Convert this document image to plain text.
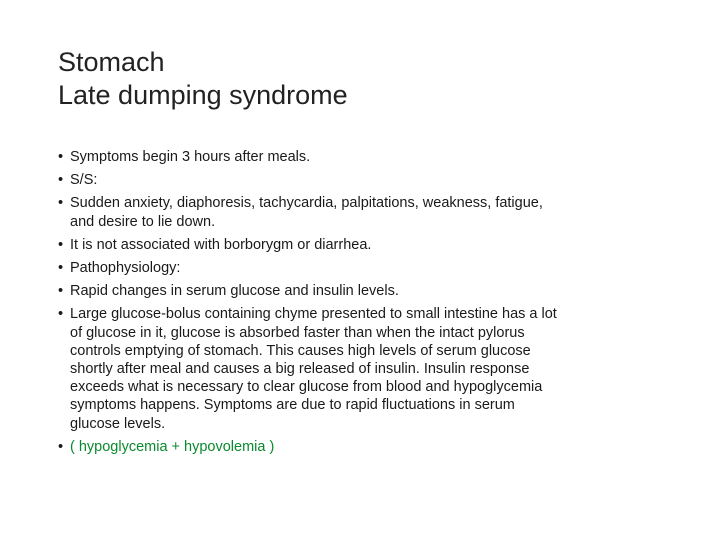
Stomach
Late dumping syndrome
• Symptoms begin 3 hours after meals.
• S/S:
• Sudden anxiety, diaphoresis, tachycardia, palpitations, weakness, fatigue,
and desire to lie down.
• It is not associated with borborygm or diarrhea.
• Pathophysiology:
• Rapid changes in serum glucose and insulin levels.
• Large glucose-bolus containing chyme presented to small intestine has a lot
of glucose in it, glucose is absorbed faster than when the intact pylorus
controls emptying of stomach. This causes high levels of serum glucose
shortly after meal and causes a big released of insulin. Insulin response
exceeds what is necessary to clear glucose from blood and hypoglycemia
symptoms happens. Symptoms are due to rapid fluctuations in serum
glucose levels.
• ( hypoglycemia + hypovolemia )
